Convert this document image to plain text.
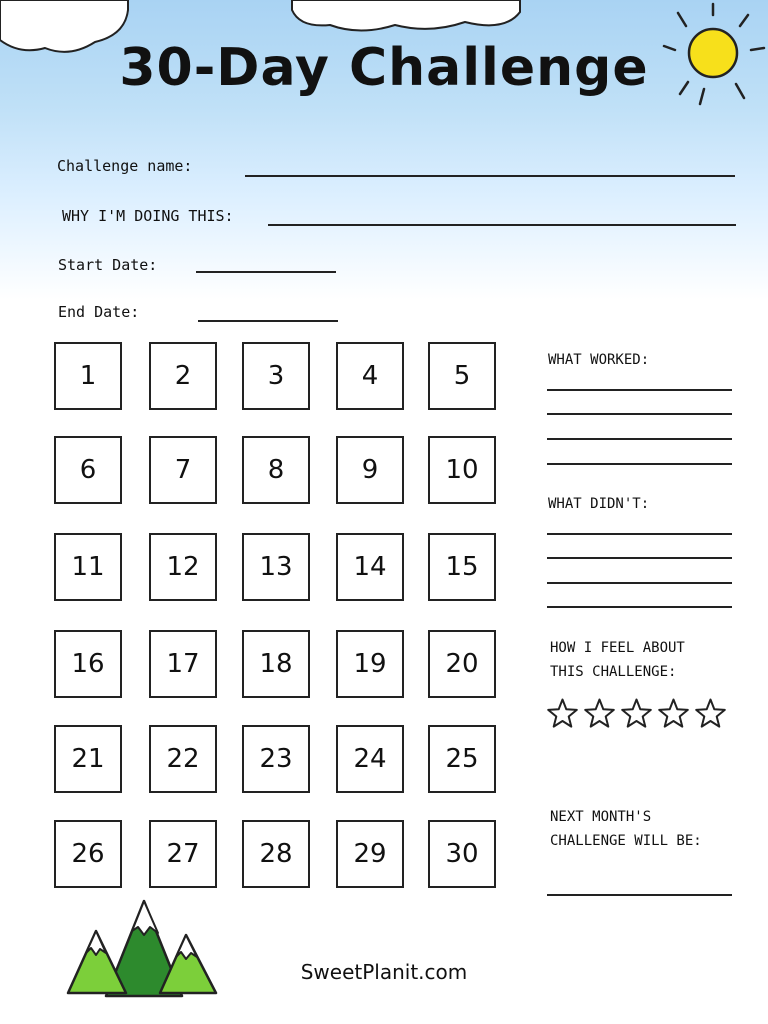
30-Day Challenge
Challenge name:
WHY I'M DOING THIS:
Start Date:
End Date:
1	2	3	4	5
6	7	8	9	10
11	12	13	14	15
16	17	18	19	20
21	22	23	24	25
26	27	28	29	30
WHAT WORKED:
WHAT DIDN'T:
HOW I FEEL ABOUT
THIS CHALLENGE:
NEXT MONTH'S
CHALLENGE WILL BE:
SweetPlanit.com
